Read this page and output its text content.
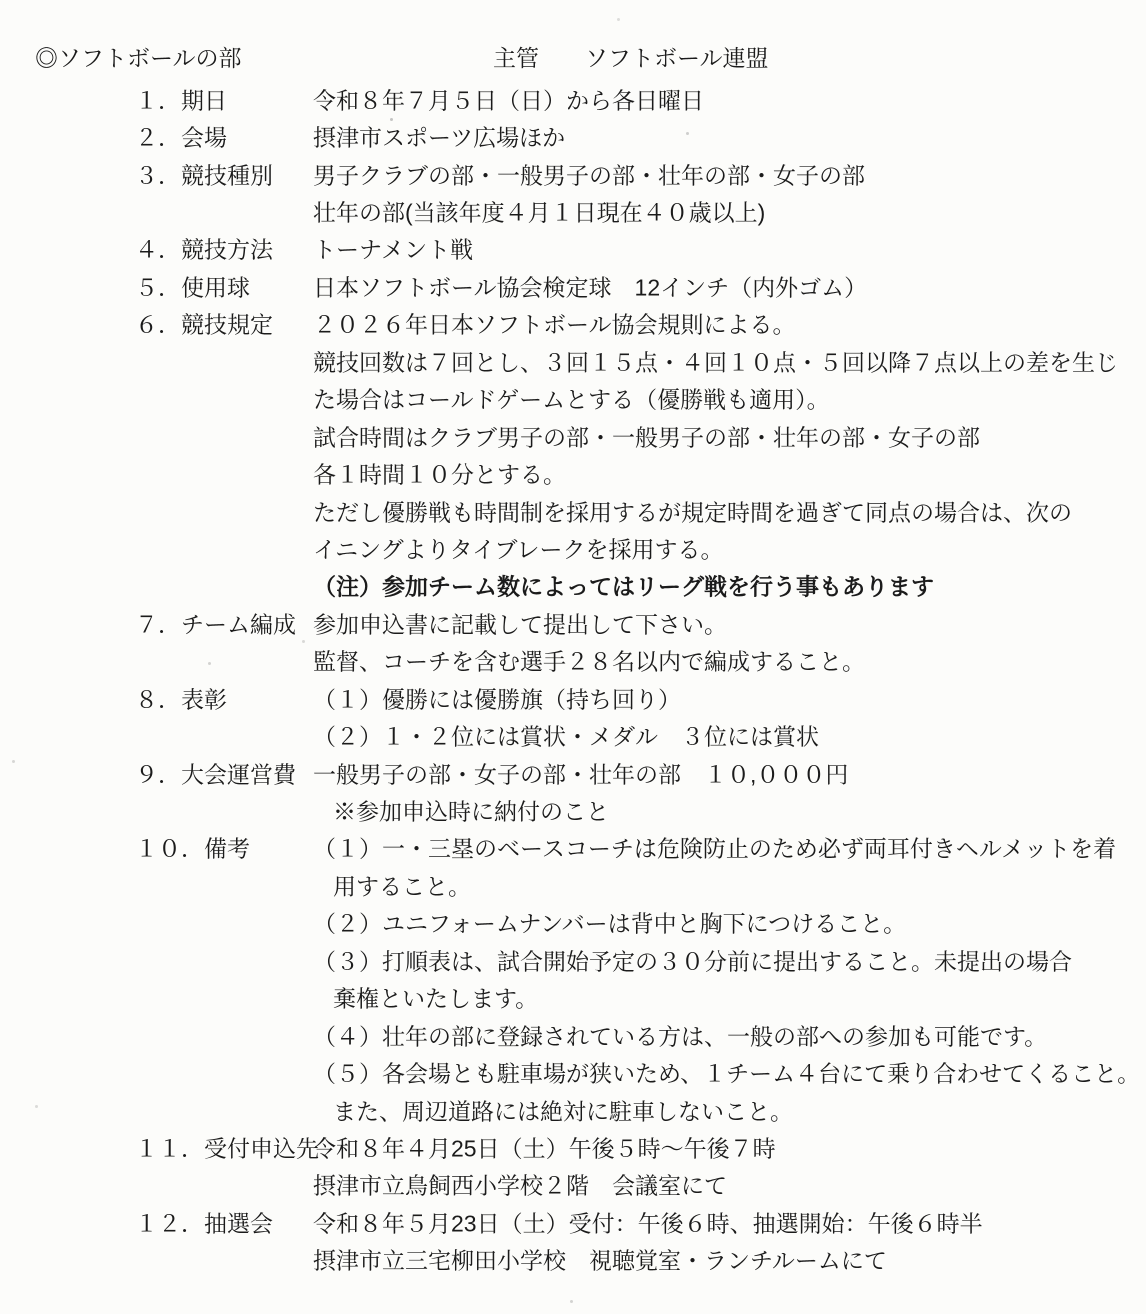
◎ソフトボールの部	主管 ソフトボール連盟
１．期日	令和８年７月５日（日）から各日曜日
２．会場	摂津市スポーツ広場ほか
３．競技種別 男子クラブの部・一般男子の部・壮年の部・女子の部
壮年の部(当該年度４月１日現在４０歳以上)
４．競技方法 トーナメント戦
５．使用球	日本ソフトボール協会検定球　12インチ（内外ゴム）
６．競技規定 ２０２６年日本ソフトボール協会規則による。
競技回数は７回とし、３回１５点・４回１０点・５回以降７点以上の差を生じ
た場合はコールドゲームとする（優勝戦も適用）。
試合時間はクラブ男子の部・一般男子の部・壮年の部・女子の部
各１時間１０分とする。
ただし優勝戦も時間制を採用するが規定時間を過ぎて同点の場合は、次の
イニングよりタイブレークを採用する。
（注）参加チーム数によってはリーグ戦を行う事もあります
７．チーム編成 参加申込書に記載して提出して下さい。
監督、コーチを含む選手２８名以内で編成すること。
８．表彰	（１）優勝には優勝旗（持ち回り）
（２）１・２位には賞状・メダル　３位には賞状
９．大会運営費 一般男子の部・女子の部・壮年の部　１０,０００円
※参加申込時に納付のこと
１０．備考	（１）一・三塁のベースコーチは危険防止のため必ず両耳付きヘルメットを着
用すること。
（２）ユニフォームナンバーは背中と胸下につけること。
（３）打順表は、試合開始予定の３０分前に提出すること。未提出の場合
棄権といたします。
（４）壮年の部に登録されている方は、一般の部への参加も可能です。
（５）各会場とも駐車場が狭いため、１チーム４台にて乗り合わせてくること。
また、周辺道路には絶対に駐車しないこと。
１１．受付申込先
令和８年４月25日（土）午後５時～午後７時
摂津市立鳥飼西小学校２階　会議室にて
１２．抽選会 令和８年５月23日（土）受付：午後６時、抽選開始：午後６時半
摂津市立三宅柳田小学校　視聴覚室・ランチルームにて
